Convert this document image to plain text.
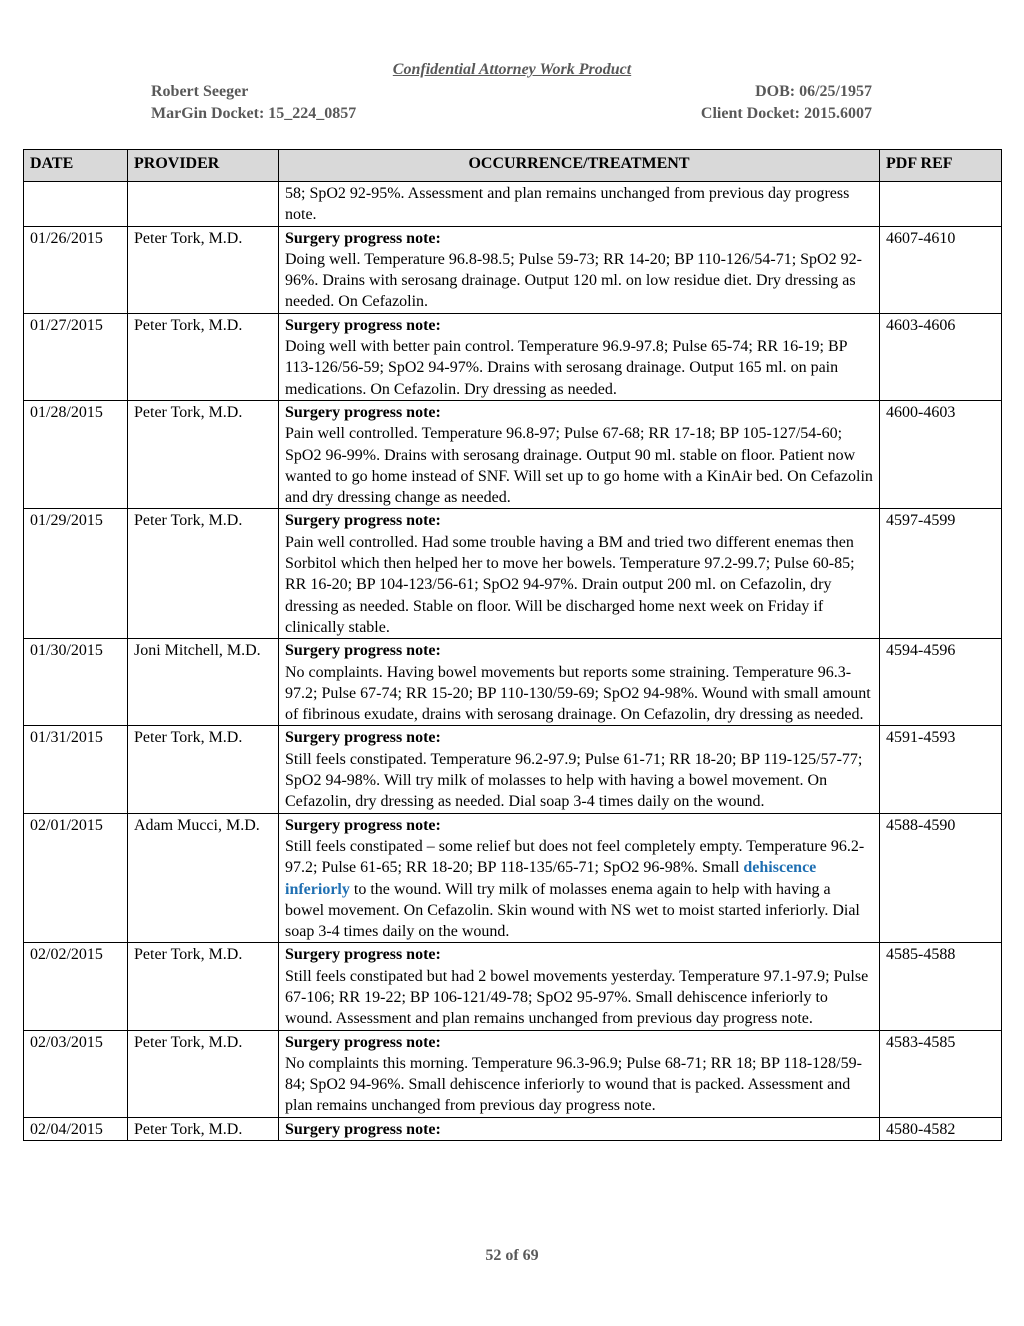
Confidential Attorney Work Product
Robert Seeger	DOB: 06/25/1957
MarGin Docket: 15_224_0857	Client Docket: 2015.6007
DATE	PROVIDER	OCCURRENCE/TREATMENT	PDF REF
		58; SpO2 92-95%. Assessment and plan remains unchanged from previous day progress note.	
01/26/2015	Peter Tork, M.D.	Surgery progress note:
Doing well. Temperature 96.8-98.5; Pulse 59-73; RR 14-20; BP 110-126/54-71; SpO2 92-96%. Drains with serosang drainage. Output 120 ml. on low residue diet. Dry dressing as needed. On Cefazolin.	4607-4610
01/27/2015	Peter Tork, M.D.	Surgery progress note:
Doing well with better pain control. Temperature 96.9-97.8; Pulse 65-74; RR 16-19; BP 113-126/56-59; SpO2 94-97%. Drains with serosang drainage. Output 165 ml. on pain medications. On Cefazolin. Dry dressing as needed.	4603-4606
01/28/2015	Peter Tork, M.D.	Surgery progress note:
Pain well controlled. Temperature 96.8-97; Pulse 67-68; RR 17-18; BP 105-127/54-60; SpO2 96-99%. Drains with serosang drainage. Output 90 ml. stable on floor. Patient now wanted to go home instead of SNF. Will set up to go home with a KinAir bed. On Cefazolin and dry dressing change as needed.	4600-4603
01/29/2015	Peter Tork, M.D.	Surgery progress note:
Pain well controlled. Had some trouble having a BM and tried two different enemas then Sorbitol which then helped her to move her bowels. Temperature 97.2-99.7; Pulse 60-85; RR 16-20; BP 104-123/56-61; SpO2 94-97%. Drain output 200 ml. on Cefazolin, dry dressing as needed. Stable on floor. Will be discharged home next week on Friday if clinically stable.	4597-4599
01/30/2015	Joni Mitchell, M.D.	Surgery progress note:
No complaints. Having bowel movements but reports some straining. Temperature 96.3-97.2; Pulse 67-74; RR 15-20; BP 110-130/59-69; SpO2 94-98%. Wound with small amount of fibrinous exudate, drains with serosang drainage. On Cefazolin, dry dressing as needed.	4594-4596
01/31/2015	Peter Tork, M.D.	Surgery progress note:
Still feels constipated. Temperature 96.2-97.9; Pulse 61-71; RR 18-20; BP 119-125/57-77; SpO2 94-98%. Will try milk of molasses to help with having a bowel movement. On Cefazolin, dry dressing as needed. Dial soap 3-4 times daily on the wound.	4591-4593
02/01/2015	Adam Mucci, M.D.	Surgery progress note:
Still feels constipated – some relief but does not feel completely empty. Temperature 96.2-97.2; Pulse 61-65; RR 18-20; BP 118-135/65-71; SpO2 96-98%. Small dehiscence inferiorly to the wound. Will try milk of molasses enema again to help with having a bowel movement. On Cefazolin. Skin wound with NS wet to moist started inferiorly. Dial soap 3-4 times daily on the wound.	4588-4590
02/02/2015	Peter Tork, M.D.	Surgery progress note:
Still feels constipated but had 2 bowel movements yesterday. Temperature 97.1-97.9; Pulse 67-106; RR 19-22; BP 106-121/49-78; SpO2 95-97%. Small dehiscence inferiorly to wound. Assessment and plan remains unchanged from previous day progress note.	4585-4588
02/03/2015	Peter Tork, M.D.	Surgery progress note:
No complaints this morning. Temperature 96.3-96.9; Pulse 68-71; RR 18; BP 118-128/59-84; SpO2 94-96%. Small dehiscence inferiorly to wound that is packed. Assessment and plan remains unchanged from previous day progress note.	4583-4585
02/04/2015	Peter Tork, M.D.	Surgery progress note:	4580-4582
52 of 69
